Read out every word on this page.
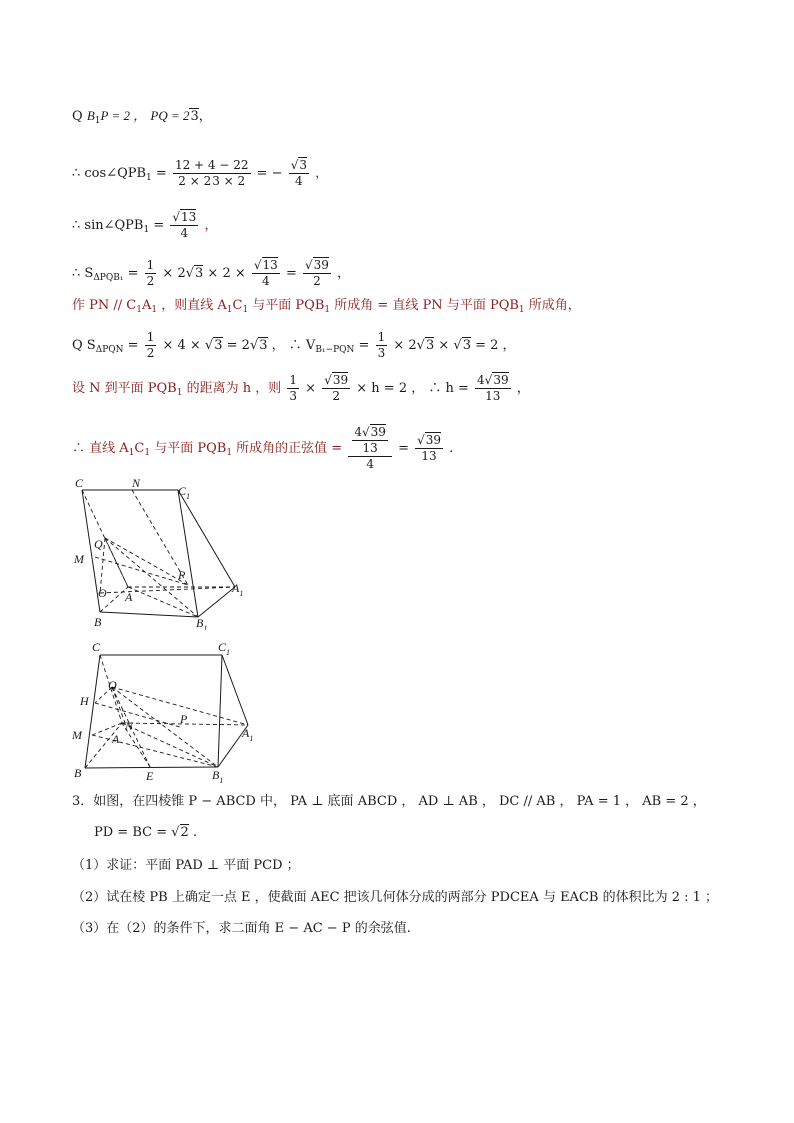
Q $B_1P = 2$ ， PQ = 23，
∴ $\cos\angle QPB_1 = \frac{12 + 4 - 22}{2 \times 23 \times 2}$ = − $\frac{√3}{4}$ ，
∴ $\sin\angle QPB_1 = \frac{√13}{4}$ ，
∴ $S_{\Delta PQB_1} = \frac{1}{2} \times 2√3 \times 2 \times \frac{√13}{4} = \frac{√39}{2}$ ，
作 PN // $C_1A_1$ ，则直线 $A_1C_1$ 与平面 $PQB_1$ 所成角 = 直线 PN 与平面 $PQB_1$ 所成角，
Q $S_{\Delta PQN} = \frac{1}{2} \times 4 \times √3 = 2√3$ ， ∴ $V_{B_1-PQN} = \frac{1}{3} \times 2√3 \times √3 = 2$ ，
设 N 到平面 $PQB_1$ 的距离为 h ，则 $\frac{1}{3} \times \frac{√39}{2} \times h = 2$ ， ∴ $h = \frac{4√39}{13}$ ，
∴ 直线 $A_1C_1$ 与平面 $PQB_1$ 所成角的正弦值 = $\frac{\frac{4√39}{13}}{4} = \frac{√39}{13}$ .
C	N
$C_1$
Q
M
P
$A_1$
O A
B	$B_1$
C	$C_1$
H
Q
P
N
M	A	$A_1$
B	E	$B_1$
3．如图，在四棱锥 P − ABCD 中， PA ⊥ 底面 ABCD ， AD ⊥ AB ， DC // AB ， PA = 1 ， AB = 2 ，
PD = BC = √2 .
（1）求证：平面 PAD ⊥ 平面 PCD ；
（2）试在棱 PB 上确定一点 E ，使截面 AEC 把该几何体分成的两部分 PDCEA 与 EACB 的体积比为 2 : 1 ；
（3）在（2）的条件下，求二面角 E − AC − P 的余弦值.
